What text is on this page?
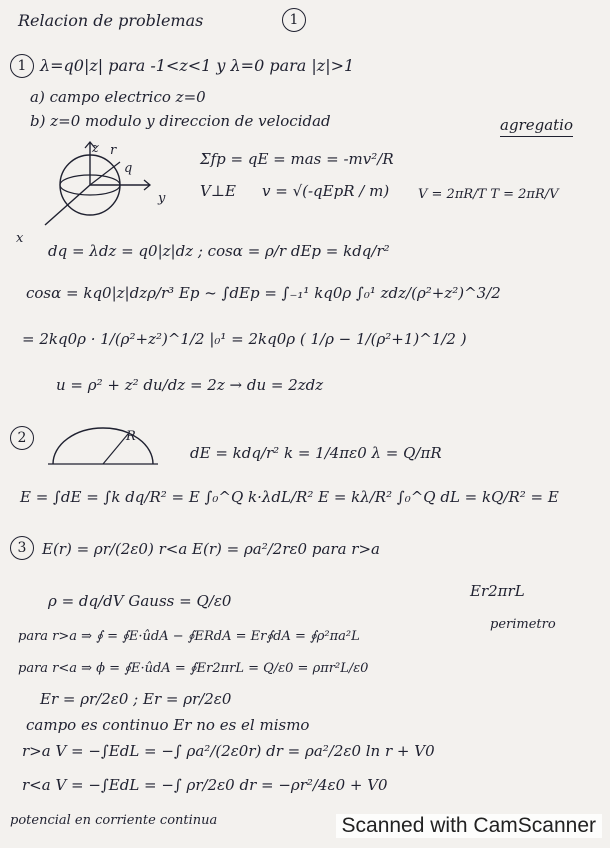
Relacion de problemas	1
1 λ=q0|z| para -1<z<1 y λ=0 para |z|>1
a) campo electrico z=0
b) z=0 modulo y direccion de velocidad	agregatio
z r
q
y
x
Σfp = qE = mas = -mv²/R
V⊥E v = √(-qEpR / m) V = 2πR/T T = 2πR/V
dq = λdz = q0|z|dz ; cosα = ρ/r dEp = kdq/r²
cosα = kq0|z|dzρ/r³ Ep ~ ∫dEp = ∫₋₁¹ kq0ρ ∫₀¹ zdz/(ρ²+z²)^3/2
= 2kq0ρ · 1/(ρ²+z²)^1/2 |₀¹ = 2kq0ρ ( 1/ρ − 1/(ρ²+1)^1/2 )
u = ρ² + z² du/dz = 2z → du = 2zdz
2	R
dE = kdq/r² k = 1/4πε0 λ = Q/πR
E = ∫dE = ∫k dq/R² = E ∫₀^Q k·λdL/R² E = kλ/R² ∫₀^Q dL = kQ/R² = E
3	E(r) = ρr/(2ε0) r<a E(r) = ρa²/2rε0 para r>a
ρ = dq/dV Gauss = Q/ε0
Er2πrL
para r>a ⇒ ∮ = ∮E·ûdA − ∮ERdA = Er∮dA = ∮ρ²πa²L
perimetro
para r<a ⇒ ϕ = ∮E·ûdA = ∮Er2πrL = Q/ε0 = ρπr²L/ε0
Er = ρr/2ε0 ; Er = ρr/2ε0
campo es continuo Er no es el mismo
r>a V = −∫EdL = −∫ ρa²/(2ε0r) dr = ρa²/2ε0 ln r + V0
r<a V = −∫EdL = −∫ ρr/2ε0 dr = −ρr²/4ε0 + V0
potencial en corriente continua	Scanned with CamScanner
